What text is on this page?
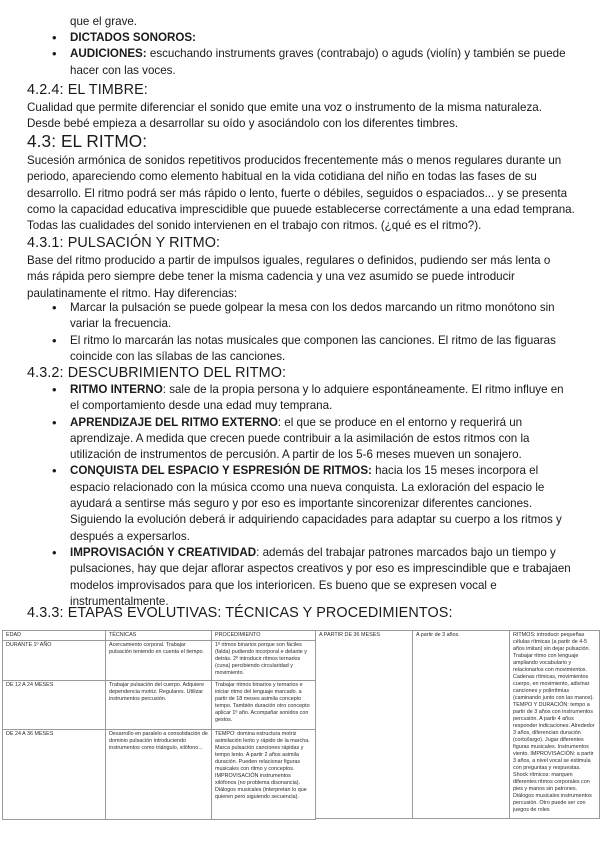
que el grave.

• DICTADOS SONOROS:
• AUDICIONES: escuchando instruments graves (contrabajo) o aguds (violín) y también se puede hacer con las voces.
4.2.4: EL TIMBRE:

Cualidad que permite diferenciar el sonido que emite una voz o instrumento de la misma naturaleza. Desde bebé empieza a desarrollar su oído y asociándolo con los diferentes timbres.

4.3: EL RITMO:

Sucesión armónica de sonidos repetitivos producidos frecentemente más o menos regulares durante un periodo, apareciendo como elemento habitual en la vida cotidiana del niño en todas las fases de su desarrollo. El ritmo podrá ser más rápido o lento, fuerte o débiles, seguidos o espaciados... y se presenta como la capacidad educativa imprescidible que puuede establecerse correctámente a una edad temprana. Todas las cualidades del sonido intervienen en el trabajo con ritmos. (¿qué es el ritmo?).

4.3.1: PULSACIÓN Y RITMO:

Base del ritmo producido a partir de impulsos iguales, regulares o definidos, pudiendo ser más lenta o más rápida pero siempre debe tener la misma cadencia y una vez asumido se puede introducir paulatinamente el ritmo. Hay diferencias:

• Marcar la pulsación se puede golpear la mesa con los dedos marcando un ritmo monótono sin variar la frecuencia.
• El ritmo lo marcarán las notas musicales que componen las canciones. El ritmo de las figuaras coincide con las sílabas de las canciones.
4.3.2: DESCUBRIMIENTO DEL RITMO:
• RITMO INTERNO: sale de la propia persona y lo adquiere espontáneamente. El ritmo influye en el comportamiento desde una edad muy temprana.
• APRENDIZAJE DEL RITMO EXTERNO: el que se produce en el entorno y requerirá un aprendizaje. A medida que crecen puede contribuir a la asimilación de estos ritmos con la utilización de instrumentos de percusión. A partir de los 5-6 meses mueven un sonajero.
• CONQUISTA DEL ESPACIO Y ESPRESIÓN DE RITMOS: hacia los 15 meses incorpora el espacio relacionado con la música ccomo una nueva conquista. La exloración del espacio le ayudará a sentirse más seguro y por eso es importante sincorenizar diferentes canciones. Siguiendo la evolución deberá ir adquiriendo capacidades para adaptar su cuerpo a los ritmos y después a expersarlos.
• IMPROVISACIÓN Y CREATIVIDAD: además del trabajar patrones marcados bajo un tiempo y pulsaciones, hay que dejar aflorar aspectos creativos y por eso es imprescindible que e trabajaen modelos improvisados para que los interioricen. Es bueno que se expresen vocal e instrumentalmente.
4.3.3: ETAPAS EVOLUTIVAS: TÉCNICAS Y PROCEDIMIENTOS:
EDAD	TÉCNICAS	PROCEDIMIENTO
DURANTE 1º AÑO	Acercamiento corporal. Trabajar pulsación teniendo en cuenta el tiempo.	1º ritmos binarios porque son fáciles (falda) pudiendo incorporal e delante y detrás. 2º introducir ritmos ternarios (cuna) percibiendo circularidad y movimiento.
DE 12 A 24 MESES	Trabajar pulsación del cuerpo. Adquiere dependencia motriz. Regulares. Utilizar instrumentos percusión.	Trabajar ritmos binarios y ternarios e iniciar ritmo del lenguaje marcado. a partir de 18 meses asimila concepto tempo. También duración otro concepto aplicar 1º año. Acompañar sonidos con gestos.
DE 24 A 36 MESES	Desarrollo en paralelo a consolidación de dominio pulsación introduciendo instrumentos como triángulo, xilófono...	TEMPO: domina estructura motriz asimilación lento y rápido de la marcha. Marca pulsación canciones rápidas y tempo lento. A partir 2 años asimila duración. Pueden relacionar figuras musicales con ritmo y conceptos. IMPROVISACIÓN instrumentos xilófonos (no problema disonancia). Diálogos musicales (interpretan lo que quieren pero siguiendo secuencia).
A PARTIR DE 36 MESES	A partir de 3 años.	RITMOS: introducir pequeñas células rítmicas (a partir de 4-5 años imitan) sin dejar pulsación. Trabajar ritmo con lenguaje ampliando vocabulario y relacionarlos con movimientos. Cadenas rítmicas, movimientos cuerpo, en movimiento, adivinar canciones y polirritmias (caminando junto con las manos). TEMPO Y DURACIÓN: tempo a partir de 3 años con instrumentos percusión. A partir 4 años responder indicaciones. Alrededor 3 años, diferencian duración (corto/largo). Jugar diferentes figuras musicales. Instrumentos viento. IMPROVISACIÓN: a partir 3 años, a nivel vocal se estimula con preguntas y respuestas. Shock rítmicos: marquen diferentes ritmos corporales con pies y manos sin patrones. Diálogos musicales instrumentos percusión. Otro puede ser con juegos de roles
